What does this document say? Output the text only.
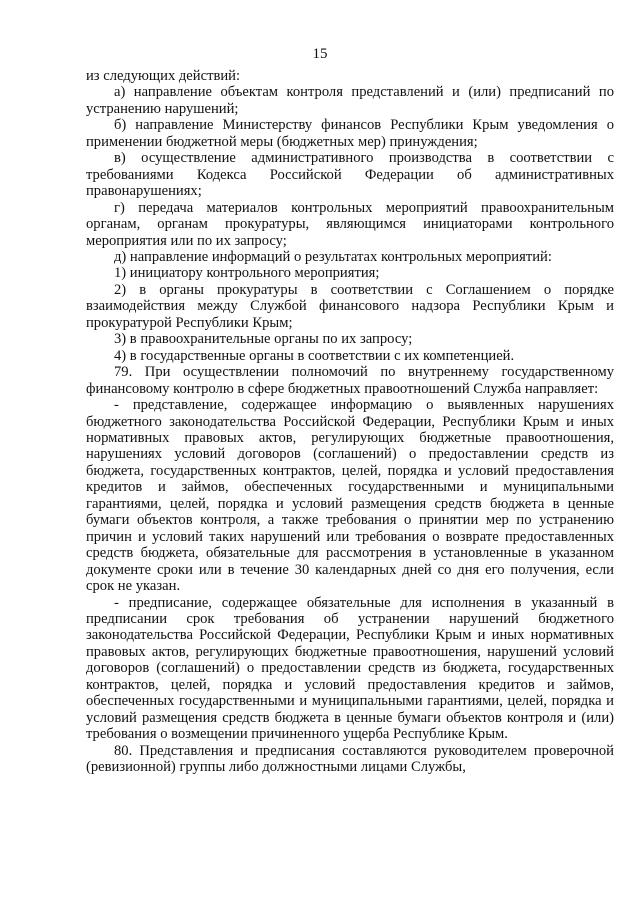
15

из следующих действий:

а) направление объектам контроля представлений и (или) предписаний по устранению нарушений;

б) направление Министерству финансов Республики Крым уведомления о применении бюджетной меры (бюджетных мер) принуждения;

в) осуществление административного производства в соответствии с требованиями Кодекса Российской Федерации об административных правонарушениях;

г) передача материалов контрольных мероприятий правоохранительным органам, органам прокуратуры, являющимся инициаторами контрольного мероприятия или по их запросу;

д) направление информаций о результатах контрольных мероприятий:

1) инициатору контрольного мероприятия;

2) в органы прокуратуры в соответствии с Соглашением о порядке взаимодействия между Службой финансового надзора Республики Крым и прокуратурой Республики Крым;

3) в правоохранительные органы по их запросу;

4) в государственные органы в соответствии с их компетенцией.

79. При осуществлении полномочий по внутреннему государственному финансовому контролю в сфере бюджетных правоотношений Служба направляет:

- представление, содержащее информацию о выявленных нарушениях бюджетного законодательства Российской Федерации, Республики Крым и иных нормативных правовых актов, регулирующих бюджетные правоотношения, нарушениях условий договоров (соглашений) о предоставлении средств из бюджета, государственных контрактов, целей, порядка и условий предоставления кредитов и займов, обеспеченных государственными и муниципальными гарантиями, целей, порядка и условий размещения средств бюджета в ценные бумаги объектов контроля, а также требования о принятии мер по устранению причин и условий таких нарушений или требования о возврате предоставленных средств бюджета, обязательные для рассмотрения в установленные в указанном документе сроки или в течение 30 календарных дней со дня его получения, если срок не указан.

- предписание, содержащее обязательные для исполнения в указанный в предписании срок требования об устранении нарушений бюджетного законодательства Российской Федерации, Республики Крым и иных нормативных правовых актов, регулирующих бюджетные правоотношения, нарушений условий договоров (соглашений) о предоставлении средств из бюджета, государственных контрактов, целей, порядка и условий предоставления кредитов и займов, обеспеченных государственными и муниципальными гарантиями, целей, порядка и условий размещения средств бюджета в ценные бумаги объектов контроля и (или) требования о возмещении причиненного ущерба Республике Крым.

80. Представления и предписания составляются руководителем проверочной (ревизионной) группы либо должностными лицами Службы,
